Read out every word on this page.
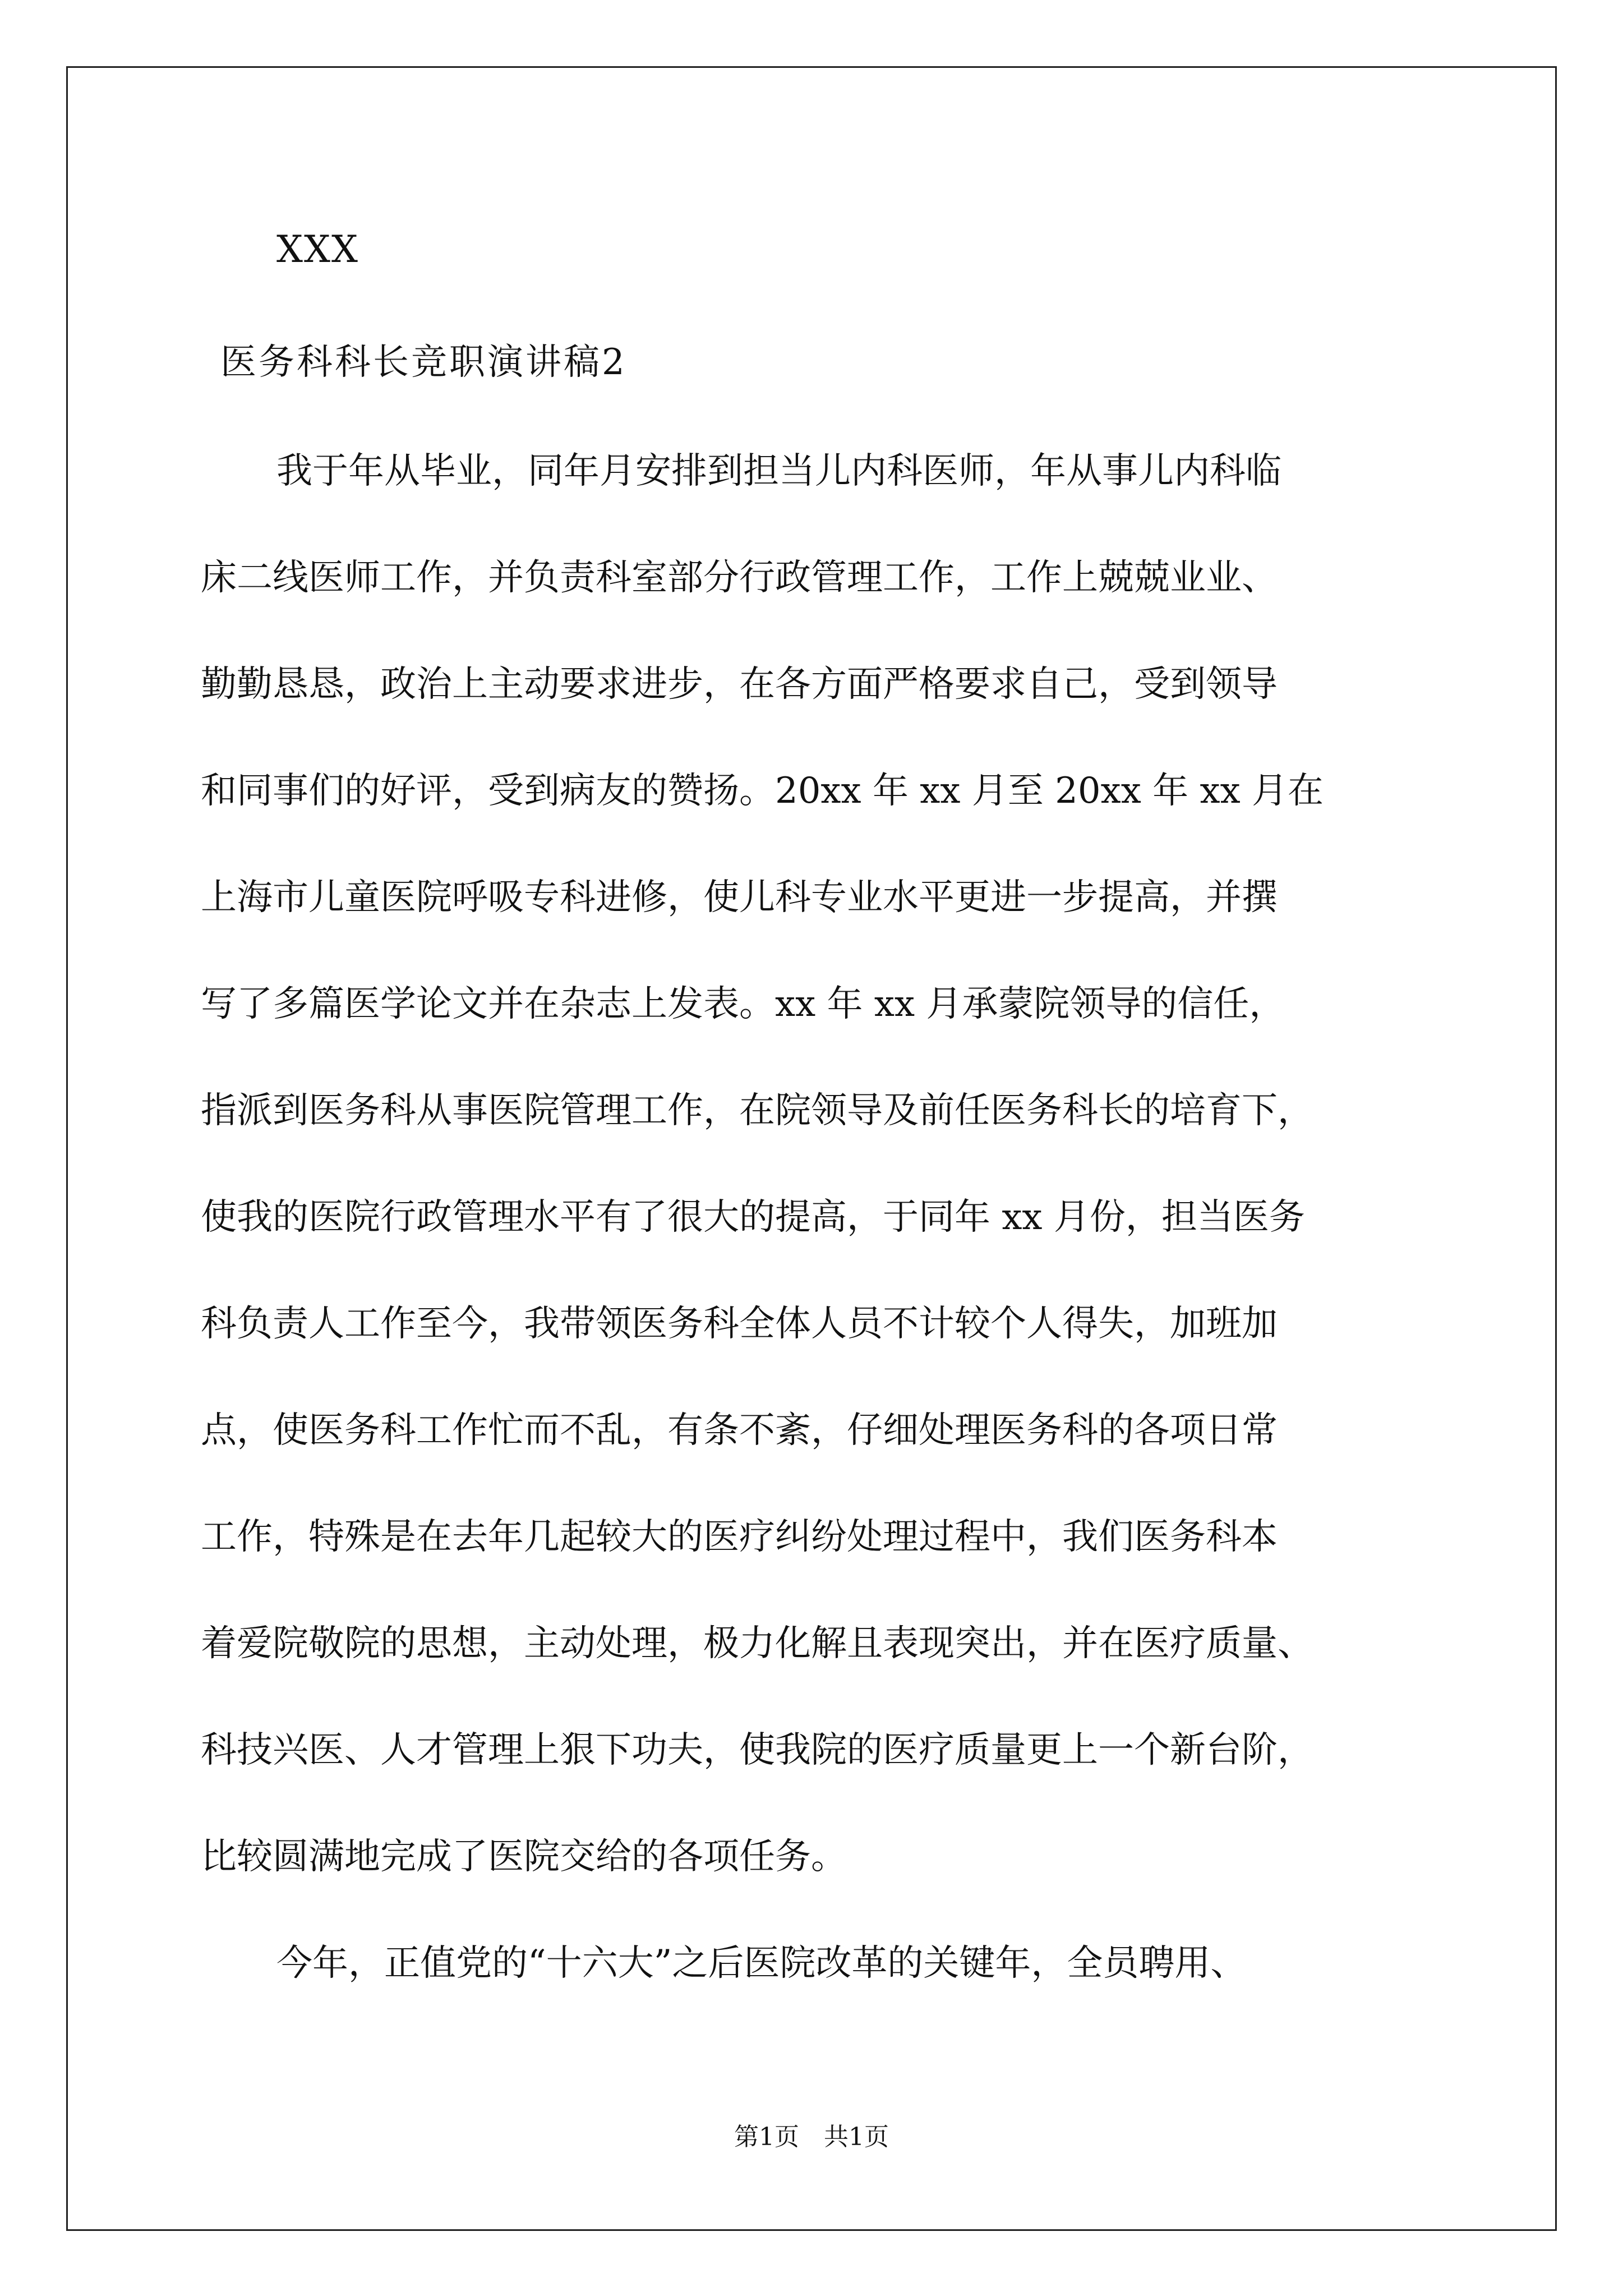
XXX
医务科科长竞职演讲稿2
我于年从毕业，同年月安排到担当儿内科医师，年从事儿内科临
床二线医师工作，并负责科室部分行政管理工作，工作上兢兢业业、
勤勤恳恳，政治上主动要求进步，在各方面严格要求自己，受到领导
和同事们的好评，受到病友的赞扬。20xx 年 xx 月至 20xx 年 xx 月在
上海市儿童医院呼吸专科进修，使儿科专业水平更进一步提高，并撰
写了多篇医学论文并在杂志上发表。xx 年 xx 月承蒙院领导的信任，
指派到医务科从事医院管理工作，在院领导及前任医务科长的培育下，
使我的医院行政管理水平有了很大的提高，于同年 xx 月份，担当医务
科负责人工作至今，我带领医务科全体人员不计较个人得失，加班加
点，使医务科工作忙而不乱，有条不紊，仔细处理医务科的各项日常
工作，特殊是在去年几起较大的医疗纠纷处理过程中，我们医务科本
着爱院敬院的思想，主动处理，极力化解且表现突出，并在医疗质量、
科技兴医、人才管理上狠下功夫，使我院的医疗质量更上一个新台阶，
比较圆满地完成了医院交给的各项任务。
今年，正值党的“十六大”之后医院改革的关键年，全员聘用、
第1页　共1页
